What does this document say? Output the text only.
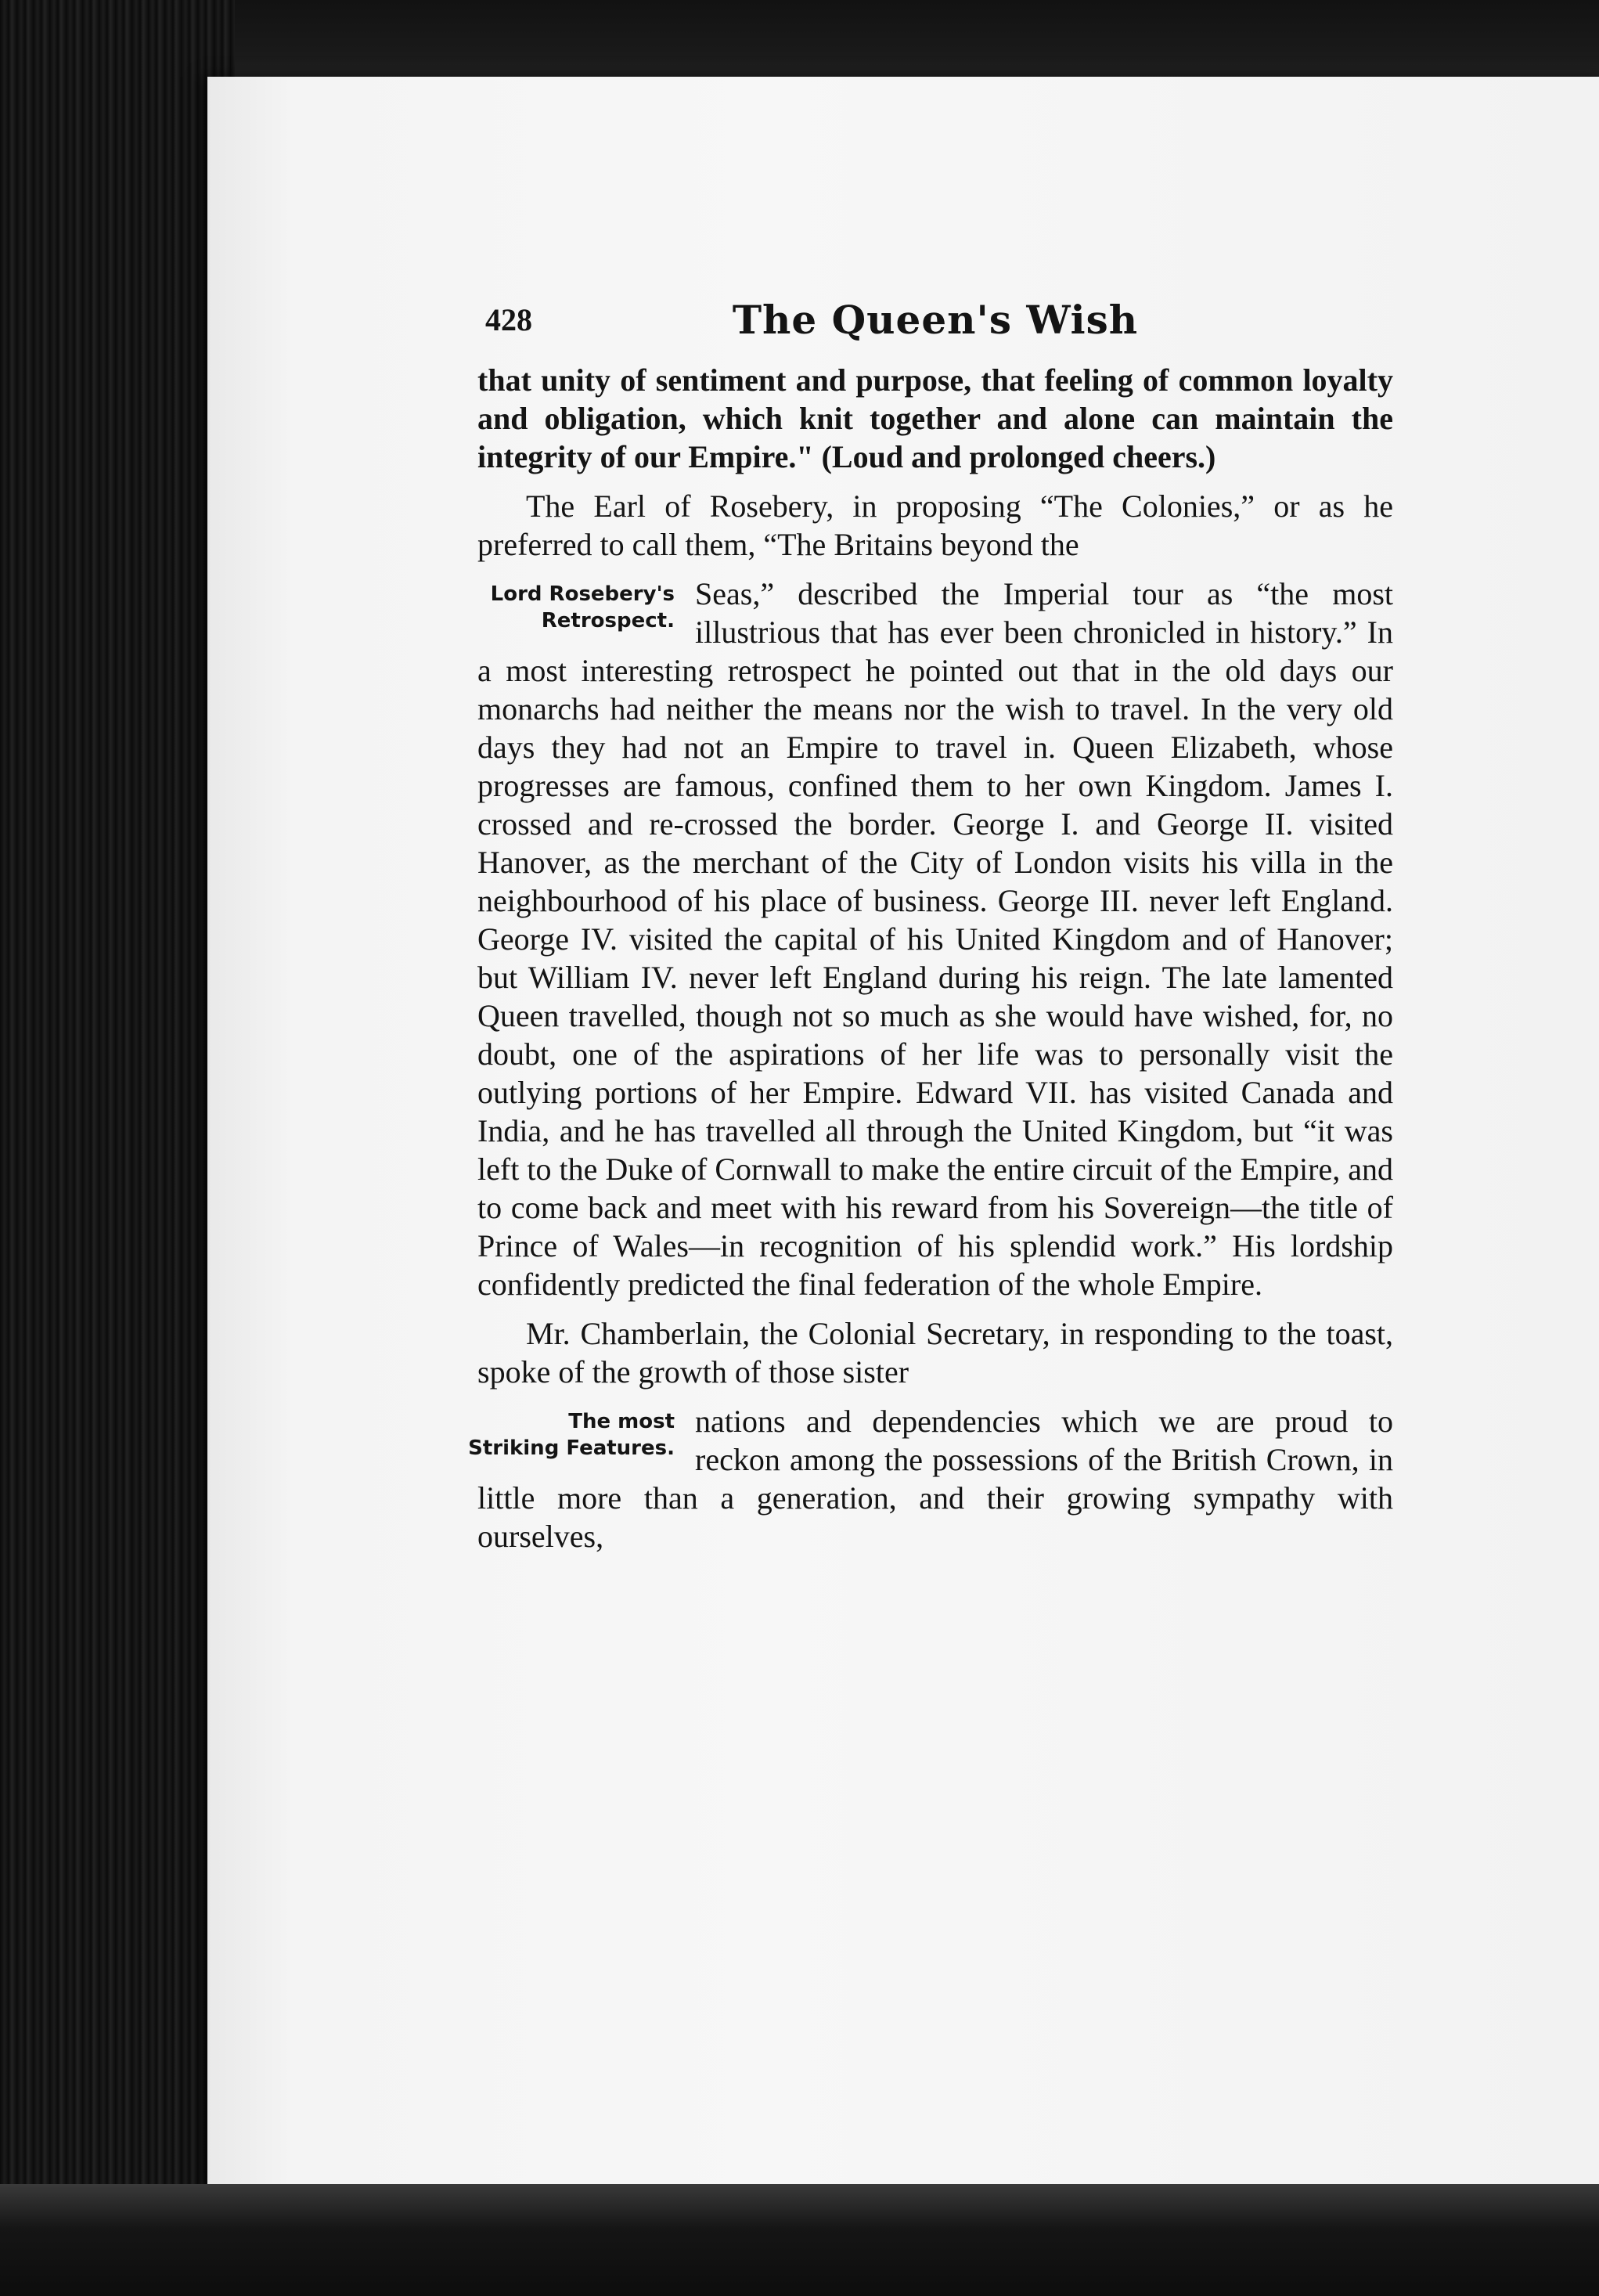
428	The Queen's Wish

that unity of sentiment and purpose, that feeling of common loyalty and obligation, which knit together and alone can maintain the integrity of our Empire." (Loud and prolonged cheers.)

The Earl of Rosebery, in proposing “The Colonies,” or as he preferred to call them, “The Britains beyond the

Lord Rosebery's
Retrospect.

Seas,” described the Imperial tour as “the most illustrious that has ever been chronicled in history.” In a most interesting retrospect he pointed out that in the old days our monarchs had neither the means nor the wish to travel. In the very old days they had not an Empire to travel in. Queen Elizabeth, whose progresses are famous, confined them to her own Kingdom. James I. crossed and re-crossed the border. George I. and George II. visited Hanover, as the merchant of the City of London visits his villa in the neighbourhood of his place of business. George III. never left England. George IV. visited the capital of his United Kingdom and of Hanover; but William IV. never left England during his reign. The late lamented Queen travelled, though not so much as she would have wished, for, no doubt, one of the aspirations of her life was to personally visit the outlying portions of her Empire. Edward VII. has visited Canada and India, and he has travelled all through the United Kingdom, but “it was left to the Duke of Cornwall to make the entire circuit of the Empire, and to come back and meet with his reward from his Sovereign—the title of Prince of Wales—in recognition of his splendid work.” His lordship confidently predicted the final federation of the whole Empire.

Mr. Chamberlain, the Colonial Secretary, in responding to the toast, spoke of the growth of those sister

The most
Striking Features.

nations and dependencies which we are proud to reckon among the possessions of the British Crown, in little more than a generation, and their growing sympathy with ourselves,
